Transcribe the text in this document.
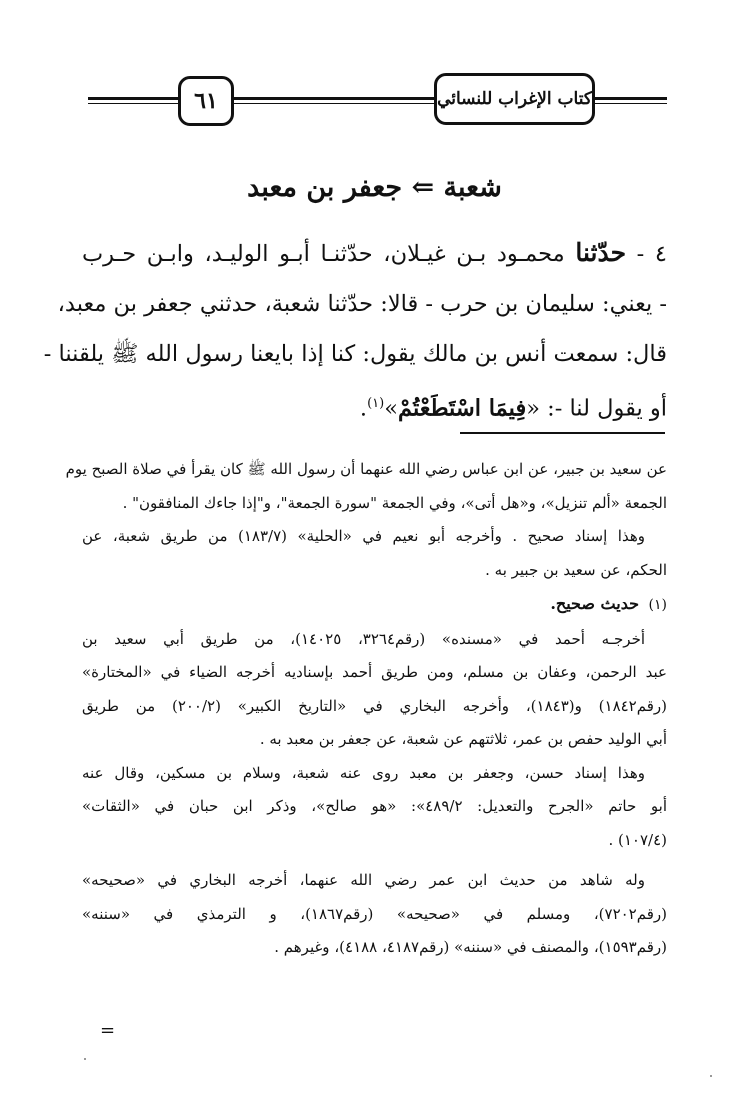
٦١	كتاب الإغراب للنسائي
شعبة ⇐ جعفر بن معبد
٤ - حدّثنا محمـود بـن غيـلان، حدّثنـا أبـو الوليـد، وابـن حـرب
- يعني: سليمان بن حرب - قالا: حدّثنا شعبة، حدثني جعفر بن معبد،
قال: سمعت أنس بن مالك يقول: كنا إذا بايعنا رسول الله ﷺ يلقننا -
أو يقول لنا -: «فِيمَا اسْتَطَعْتُمْ»$^{(١)}$.
عن سعيد بن جبير، عن ابن عباس رضي الله عنهما أن رسول الله ﷺ كان يقرأ في صلاة الصبح يوم
الجمعة «ألم تنزيل»، و«هل أتى»، وفي الجمعة "سورة الجمعة"، و"إذا جاءك المنافقون" .
وهذا إسناد صحيح . وأخرجه أبو نعيم في «الحلية» (١٨٣/٧) من طريق شعبة، عن
الحكم، عن سعيد بن جبير به .
(١)  حديث صحيح.
أخرجـه أحمد في «مسنده» (رقم٣٢٦٤، ١٤٠٢٥)، من طريق أبي سعيد بن
عبد الرحمن، وعفان بن مسلم، ومن طريق أحمد بإسناديه أخرجه الضياء في «المختارة»
(رقم١٨٤٢) و(١٨٤٣)، وأخرجه البخاري في «التاريخ الكبير» (٢٠٠/٢) من طريق
أبي الوليد حفص بن عمر، ثلاثتهم عن شعبة، عن جعفر بن معبد به .
وهذا إسناد حسن، وجعفر بن معبد روى عنه شعبة، وسلام بن مسكين، وقال عنه
أبو حاتم «الجرح والتعديل: ٤٨٩/٢»: «هو صالح»، وذكر ابن حبان في «الثقات»
(١٠٧/٤) .
وله شاهد من حديث ابن عمر رضي الله عنهما، أخرجه البخاري في «صحيحه»
(رقم٧٢٠٢)، ومسلم في «صحيحه» (رقم١٨٦٧)، و الترمذي في «سننه»
(رقم١٥٩٣)، والمصنف في «سننه» (رقم٤١٨٧، ٤١٨٨)، وغيرهم .
=
